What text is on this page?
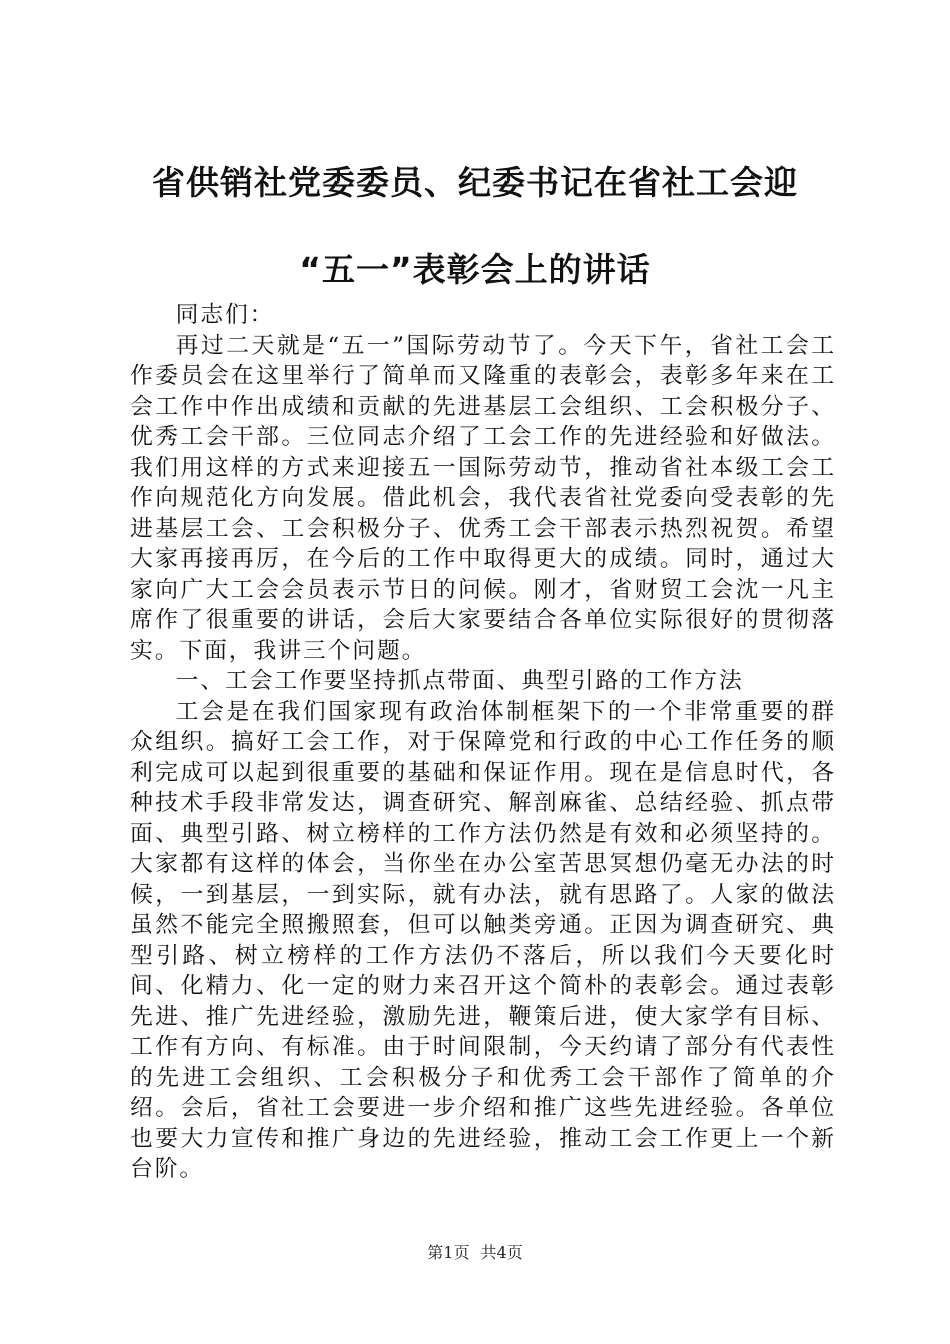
省供销社党委委员、纪委书记在省社工会迎
“五一”表彰会上的讲话

同志们：

再过二天就是“五一”国际劳动节了。今天下午，省社工会工作委员会在这里举行了简单而又隆重的表彰会，表彰多年来在工会工作中作出成绩和贡献的先进基层工会组织、工会积极分子、优秀工会干部。三位同志介绍了工会工作的先进经验和好做法。我们用这样的方式来迎接五一国际劳动节，推动省社本级工会工作向规范化方向发展。借此机会，我代表省社党委向受表彰的先进基层工会、工会积极分子、优秀工会干部表示热烈祝贺。希望大家再接再厉，在今后的工作中取得更大的成绩。同时，通过大家向广大工会会员表示节日的问候。刚才，省财贸工会沈一凡主席作了很重要的讲话，会后大家要结合各单位实际很好的贯彻落实。下面，我讲三个问题。

一、工会工作要坚持抓点带面、典型引路的工作方法

工会是在我们国家现有政治体制框架下的一个非常重要的群众组织。搞好工会工作，对于保障党和行政的中心工作任务的顺利完成可以起到很重要的基础和保证作用。现在是信息时代，各种技术手段非常发达，调查研究、解剖麻雀、总结经验、抓点带面、典型引路、树立榜样的工作方法仍然是有效和必须坚持的。大家都有这样的体会，当你坐在办公室苦思冥想仍毫无办法的时候，一到基层，一到实际，就有办法，就有思路了。人家的做法虽然不能完全照搬照套，但可以触类旁通。正因为调查研究、典型引路、树立榜样的工作方法仍不落后，所以我们今天要化时间、化精力、化一定的财力来召开这个简朴的表彰会。通过表彰先进、推广先进经验，激励先进，鞭策后进，使大家学有目标、工作有方向、有标准。由于时间限制，今天约请了部分有代表性的先进工会组织、工会积极分子和优秀工会干部作了简单的介绍。会后，省社工会要进一步介绍和推广这些先进经验。各单位也要大力宣传和推广身边的先进经验，推动工会工作更上一个新台阶。

第1页 共4页
